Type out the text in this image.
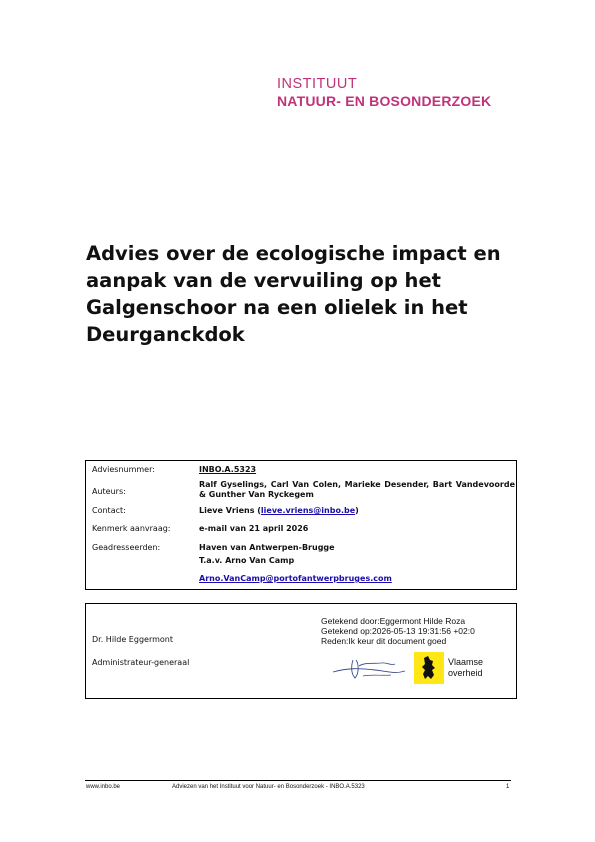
INSTITUUT
NATUUR- EN BOSONDERZOEK
Advies over de ecologische impact en aanpak van de vervuiling op het Galgenschoor na een olielek in het Deurganckdok
Adviesnummer:	INBO.A.5323
Auteurs:
Ralf Gyselings, Carl Van Colen, Marieke Desender, Bart Vandevoorde & Gunther Van Ryckegem
Contact:	Lieve Vriens (lieve.vriens@inbo.be)
Kenmerk aanvraag:	e-mail van 21 april 2026
Geadresseerden:	Haven van Antwerpen-Brugge
T.a.v. Arno Van Camp
Arno.VanCamp@portofantwerpbruges.com
Dr. Hilde Eggermont
Administrateur-generaal
Getekend door:Eggermont Hilde Roza
Getekend op:2026-05-13 19:31:56 +02:0
Reden:Ik keur dit document goed
Vlaamse
overheid
www.inbo.be	Adviezen van het Instituut voor Natuur- en Bosonderzoek - INBO.A.5323	1
